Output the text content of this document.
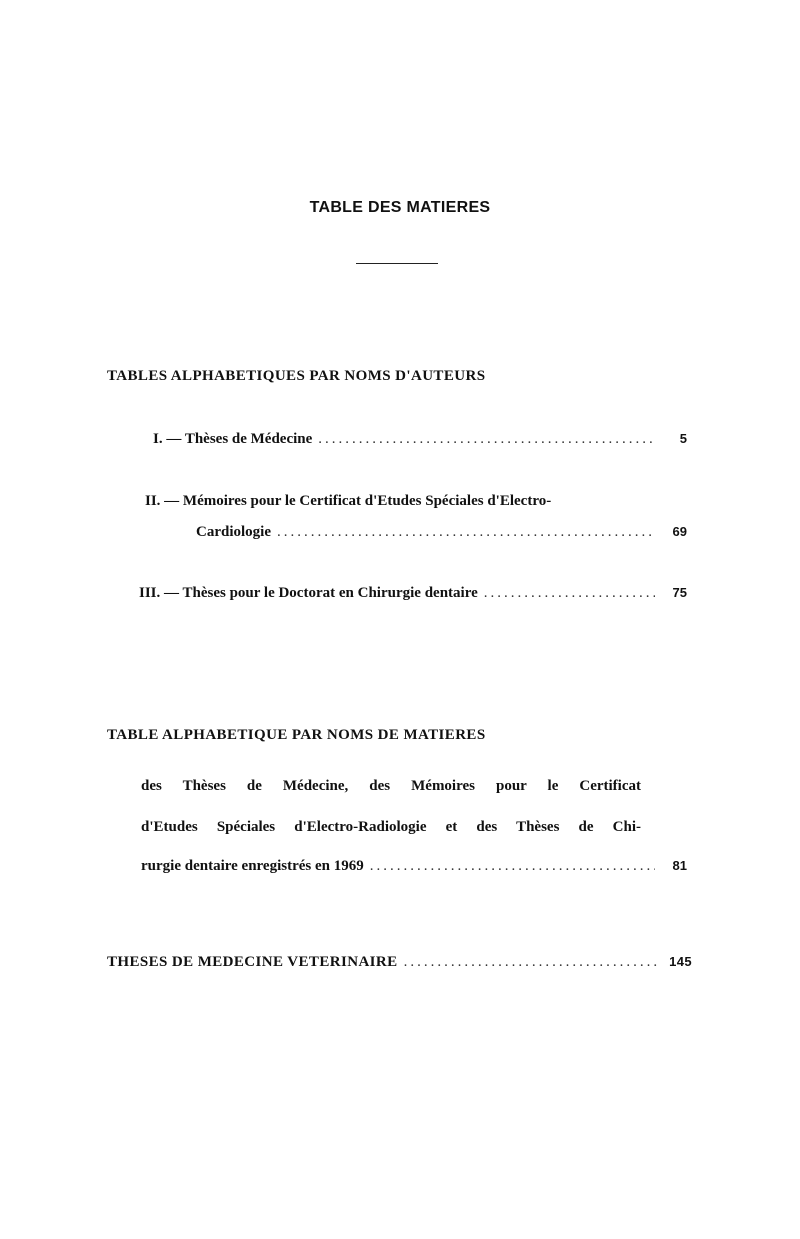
TABLE DES MATIERES
TABLES ALPHABETIQUES PAR NOMS D'AUTEURS
I. — Thèses de Médecine .....	5
II. — Mémoires pour le Certificat d'Etudes Spéciales d'Electro-
Cardiologie .....	69
III. — Thèses pour le Doctorat en Chirurgie dentaire .....	75
TABLE ALPHABETIQUE PAR NOMS DE MATIERES
des Thèses de Médecine, des Mémoires pour le Certificat
d'Etudes Spéciales d'Electro-Radiologie et des Thèses de Chi-
rurgie dentaire enregistrés en 1969 .....	81
THESES DE MEDECINE VETERINAIRE .....	145
